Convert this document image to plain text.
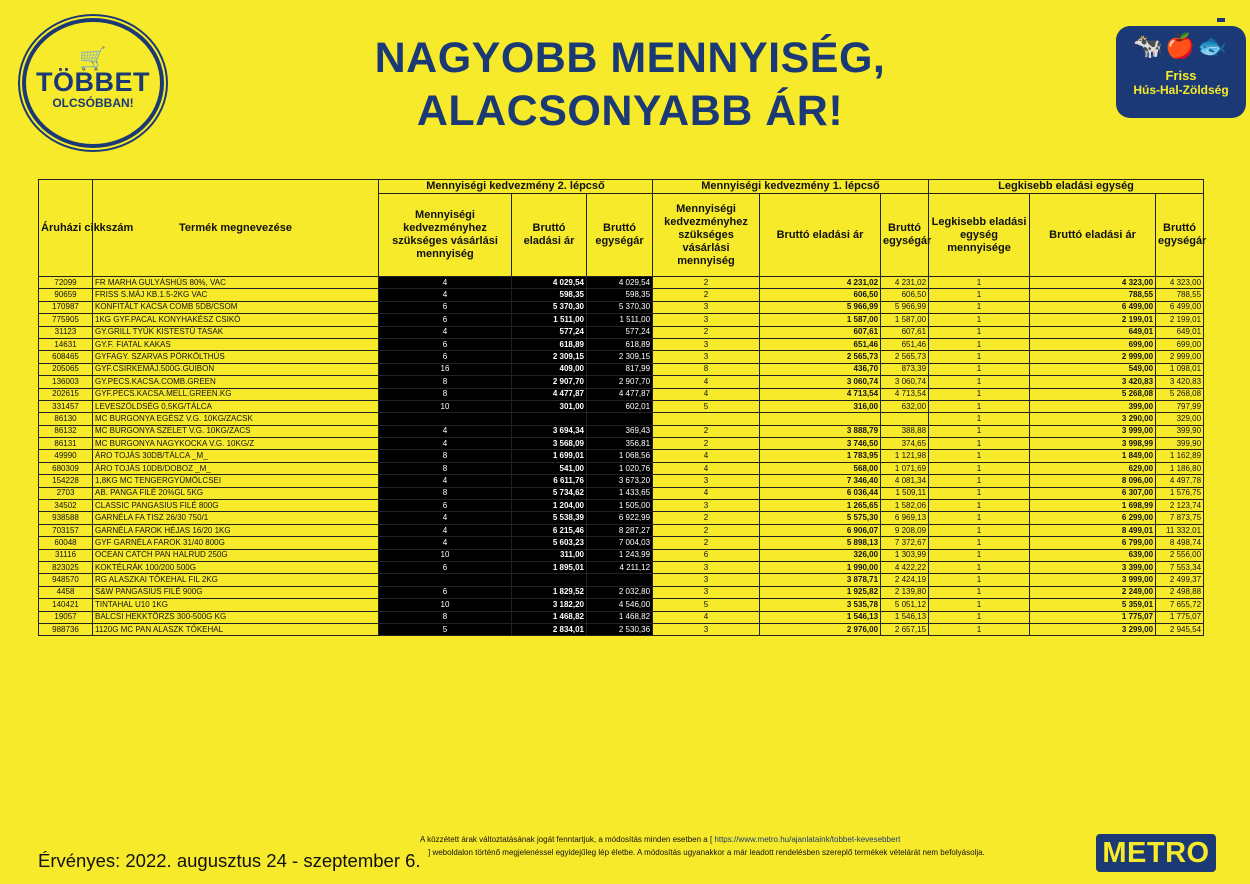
🛒
TÖBBET
OLCSÓBBAN!
NAGYOBB MENNYISÉG,
ALACSONYABB ÁR!
🐄🍎🐟
Friss
Hús-Hal-Zöldség
Áruházi cikkszám	Termék megnevezése	Mennyiségi kedvezmény 2. lépcső			Mennyiségi kedvezmény 1. lépcső			Legkisebb eladási egység		
		Mennyiségi kedvezményhez szükséges vásárlási mennyiség	Bruttó eladási ár	Bruttó egységár	Mennyiségi kedvezményhez szükséges vásárlási mennyiség	Bruttó eladási ár	Bruttó egységár	Legkisebb eladási egység mennyisége	Bruttó eladási ár	Bruttó egységár
72099	FR MARHA GULYÁSHÚS 80%, VAC	4	4 029,54	4 029,54	2	4 231,02	4 231,02	1	4 323,00	4 323,00
90659	FRISS S.MÁJ KB.1.5-2KG VAC	4	598,35	598,35	2	606,50	606,50	1	788,55	788,55
170987	KONFITÁLT KACSA COMB 5DB/CSOM	6	5 370,30	5 370,30	3	5 966,99	5 966,99	1	6 499,00	6 499,00
775905	1KG GYF.PACAL KONYHAKÉSZ CSIKÓ	6	1 511,00	1 511,00	3	1 587,00	1 587,00	1	2 199,01	2 199,01
31123	GY.GRILL TYÚK KISTESTŰ TASAK	4	577,24	577,24	2	607,61	607,61	1	649,01	649,01
14631	GY.F. FIATAL KAKAS	6	618,89	618,89	3	651,46	651,46	1	699,00	699,00
608465	GYFAGY. SZARVAS PÖRKÖLTHÚS	6	2 309,15	2 309,15	3	2 565,73	2 565,73	1	2 999,00	2 999,00
205065	GYF.CSIRKEMÁJ.500G.GUIBON	16	409,00	817,99	8	436,70	873,39	1	549,00	1 098,01
136003	GY.PECS.KACSA.COMB.GREEN	8	2 907,70	2 907,70	4	3 060,74	3 060,74	1	3 420,83	3 420,83
202615	GYF.PECS.KACSA.MELL.GREEN.KG	8	4 477,87	4 477,87	4	4 713,54	4 713,54	1	5 268,08	5 268,08
331457	LEVESZÖLDSÉG 0,5KG/TÁLCA	10	301,00	602,01	5	316,00	632,00	1	399,00	797,99
86130	MC BURGONYA EGÉSZ V.G. 10KG/ZACSK							1	3 290,00	329,00
86132	MC BURGONYA SZELET V.G. 10KG/ZACS	4	3 694,34	369,43	2	3 888,79	388,88	1	3 999,00	399,90
86131	MC BURGONYA NAGYKOCKA V.G. 10KG/Z	4	3 568,09	356,81	2	3 746,50	374,65	1	3 998,99	399,90
49990	ÁRO TOJÁS 30DB/TÁLCA _M_	8	1 699,01	1 068,56	4	1 783,95	1 121,98	1	1 849,00	1 162,89
680309	ÁRO TOJÁS 10DB/DOBOZ _M_	8	541,00	1 020,76	4	568,00	1 071,69	1	629,00	1 186,80
154228	1,8KG MC TENGERGYÜMÖLCSEI	4	6 611,76	3 673,20	3	7 346,40	4 081,34	1	8 096,00	4 497,78
2703	AB. PANGA FILÉ 20%GL 5KG	8	5 734,62	1 433,65	4	6 036,44	1 509,11	1	6 307,00	1 576,75
34502	CLASSIC PANGASIUS FILÉ 800G	6	1 204,00	1 505,00	3	1 265,65	1 582,06	1	1 698,99	2 123,74
938588	GARNÉLA FA TISZ 26/30 750/1	4	5 538,39	6 922,99	2	5 575,30	6 969,13	1	6 299,00	7 873,75
703157	GARNÉLA FAROK HÉJAS 16/20 1KG	4	6 215,46	8 287,27	2	6 906,07	9 208,09	1	8 499,01	11 332,01
60048	GYF GARNÉLA FAROK 31/40 800G	4	5 603,23	7 004,03	2	5 898,13	7 372,67	1	6 799,00	8 498,74
31116	OCEAN CATCH PAN HALRUD 250G	10	311,00	1 243,99	6	326,00	1 303,99	1	639,00	2 556,00
823025	KOKTÉLRÁK 100/200 500G	6	1 895,01	4 211,12	3	1 990,00	4 422,22	1	3 399,00	7 553,34
948570	RG ALASZKAI TŐKEHAL FIL 2KG				3	3 878,71	2 424,19	1	3 999,00	2 499,37
4458	S&W PANGASIUS FILÉ 900G	6	1 829,52	2 032,80	3	1 925,82	2 139,80	1	2 249,00	2 498,88
140421	TINTAHAL U10 1KG	10	3 182,20	4 546,00	5	3 535,78	5 051,12	1	5 359,01	7 655,72
19057	BALCSI HEKKTÖRZS 300-500G KG	8	1 468,82	1 468,82	4	1 546,13	1 546,13	1	1 775,07	1 775,07
988736	1120G MC PAN ALASZK TŐKEHAL	5	2 834,01	2 530,36	3	2 976,00	2 657,15	1	3 299,00	2 945,54
Érvényes: 2022. augusztus 24 - szeptember 6.
A közzétett árak változtatásának jogát fenntartjuk, a módosítás minden esetben a [ https://www.metro.hu/ajanlataink/tobbet-kevesebbert
] weboldalon történő megjelenéssel egyidejűleg lép életbe. A módosítás ugyanakkor a már leadott rendelésben szereplő termékek vételárát nem befolyásolja.	METRO
